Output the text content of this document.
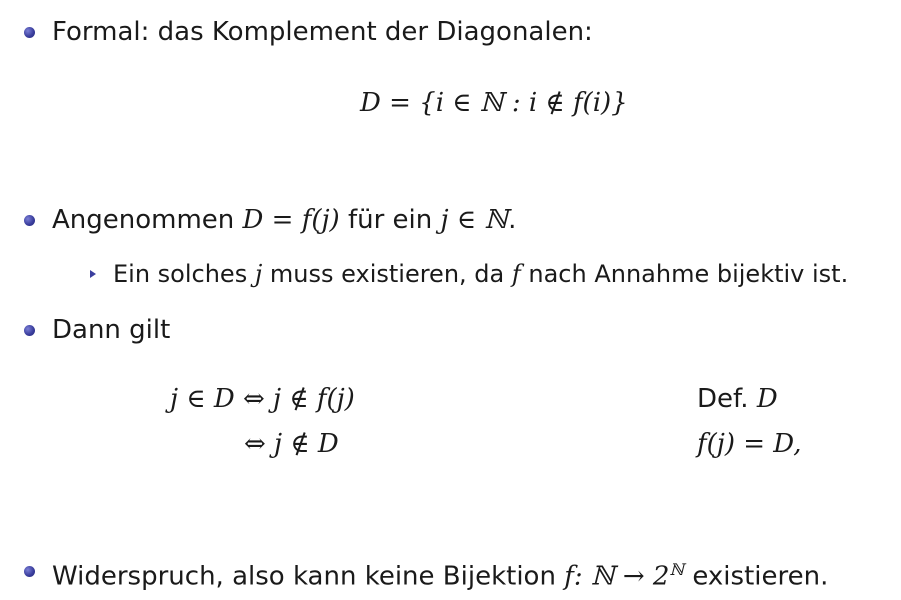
Formal: das Komplement der Diagonalen:
D = {i ∈ ℕ : i ∉ f(i)}
Angenommen D = f(j) für ein j ∈ ℕ.
Ein solches j muss existieren, da f nach Annahme bijektiv ist.
Dann gilt
j ∈ D ⇔ j ∉ f(j)
⇔ j ∉ D
Def. D
f(j) = D,
Widerspruch, also kann keine Bijektion f: ℕ → $2^ℕ$ existieren.
